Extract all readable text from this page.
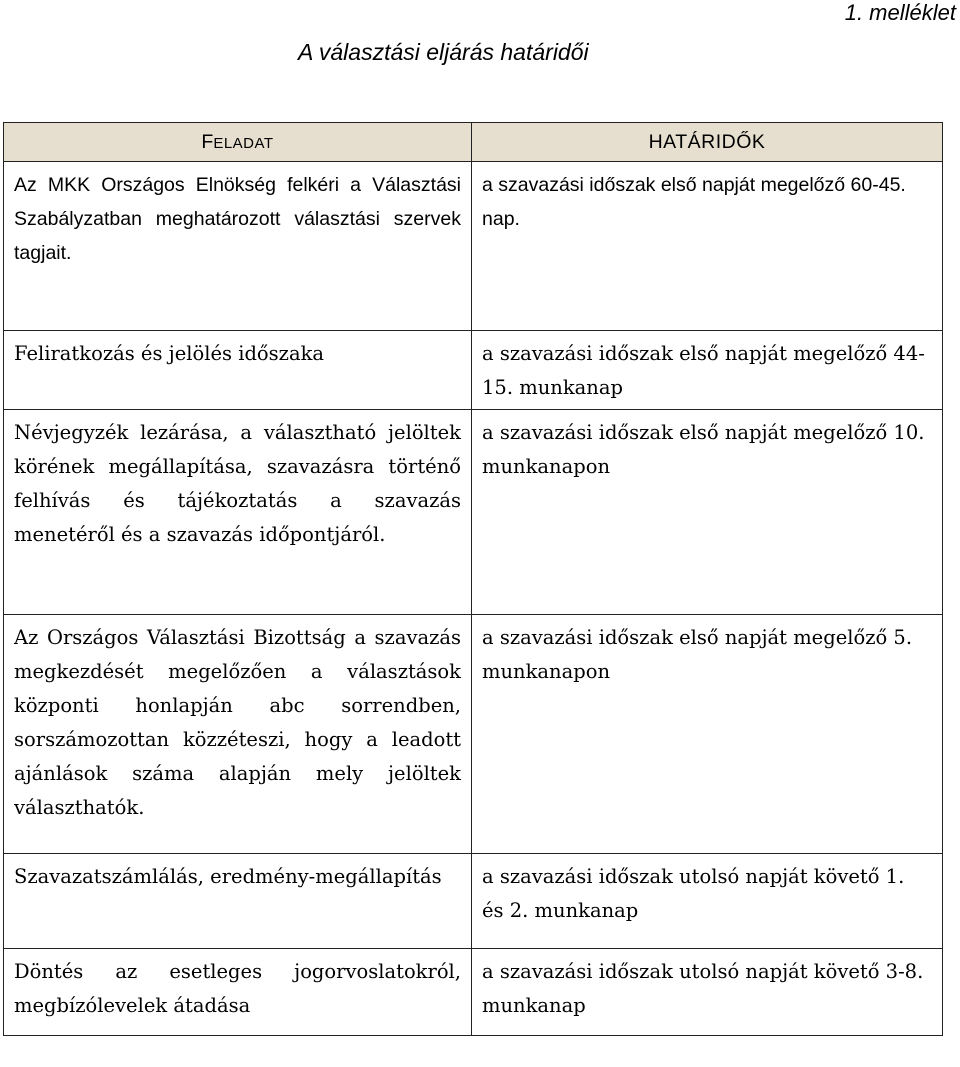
1. melléklet
A választási eljárás határidői
FELADAT	HATÁRIDŐK
Az MKK Országos Elnökség felkéri a Választási Szabályzatban meghatározott választási szervek tagjait.	a szavazási időszak első napját megelőző 60-45. nap.
Feliratkozás és jelölés időszaka	a szavazási időszak első napját megelőző 44-15. munkanap
Névjegyzék lezárása, a választható jelöltek körének megállapítása, szavazásra történő felhívás és tájékoztatás a szavazás menetéről és a szavazás időpontjáról.	a szavazási időszak első napját megelőző 10. munkanapon
Az Országos Választási Bizottság a szavazás megkezdését megelőzően a választások központi honlapján abc sorrendben, sorszámozottan közzéteszi, hogy a leadott ajánlások száma alapján mely jelöltek választhatók.	a szavazási időszak első napját megelőző 5. munkanapon
Szavazatszámlálás, eredmény-megállapítás	a szavazási időszak utolsó napját követő 1. és 2. munkanap
Döntés az esetleges jogorvoslatokról, megbízólevelek átadása	a szavazási időszak utolsó napját követő 3-8. munkanap
